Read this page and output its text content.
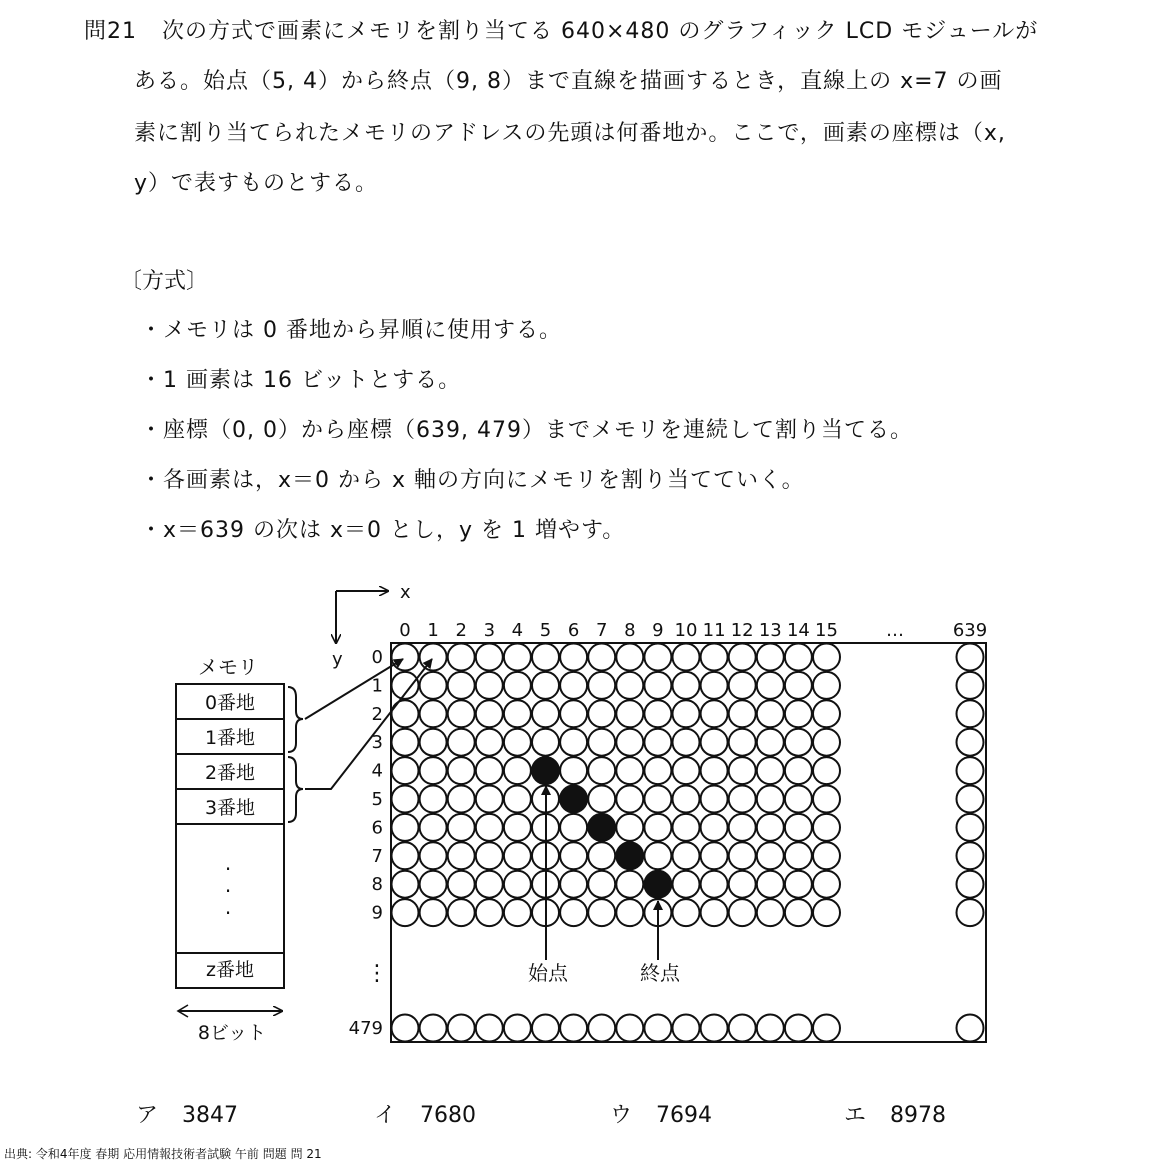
問21 次の方式で画素にメモリを割り当てる 640×480 のグラフィック LCD モジュールが
ある。始点（5, 4）から終点（9, 8）まで直線を描画するとき，直線上の x=7 の画
素に割り当てられたメモリのアドレスの先頭は何番地か。ここで，画素の座標は（x,
y）で表すものとする。
〔方式〕
・メモリは 0 番地から昇順に使用する。
・1 画素は 16 ビットとする。
・座標（0, 0）から座標（639, 479）までメモリを連続して割り当てる。
・各画素は，x＝0 から x 軸の方向にメモリを割り当てていく。
・x＝639 の次は x＝0 とし，y を 1 増やす。
x
y
0 1 2 3 4 5 6 7 8 9 10 11 12 13 14 15	…	639
0
1
2
3
4
5
6
7
8
9
⋮
479
メモリ
0番地
1番地
2番地
3番地
. . .
z番地
8ビット
始点	終点
ア 3847	イ 7680	ウ 7694	エ 8978
出典: 令和4年度 春期 応用情報技術者試験 午前 問題 問 21
